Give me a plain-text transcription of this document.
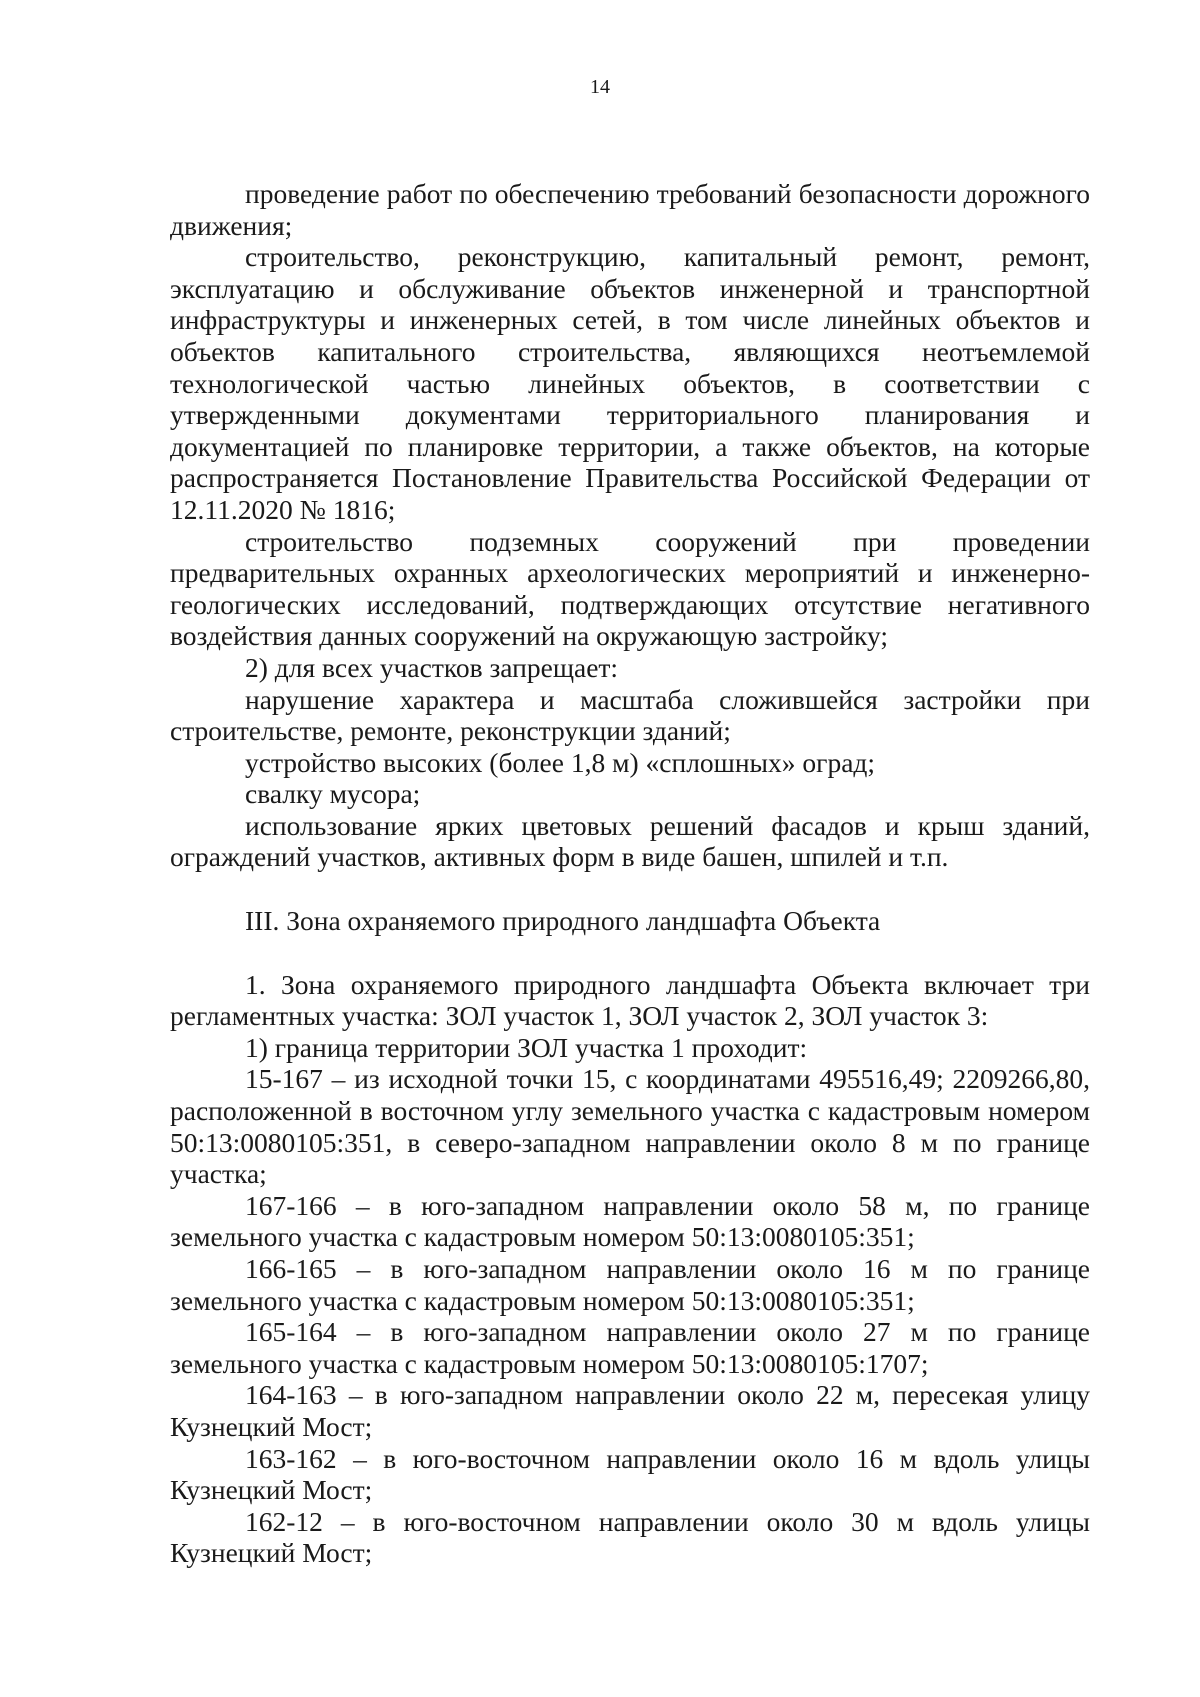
14

проведение работ по обеспечению требований безопасности дорожного движения;

строительство, реконструкцию, капитальный ремонт, ремонт, эксплуатацию и обслуживание объектов инженерной и транспортной инфраструктуры и инженерных сетей, в том числе линейных объектов и объектов капитального строительства, являющихся неотъемлемой технологической частью линейных объектов, в соответствии с утвержденными документами территориального планирования и документацией по планировке территории, а также объектов, на которые распространяется Постановление Правительства Российской Федерации от 12.11.2020 № 1816;

строительство подземных сооружений при проведении предварительных охранных археологических мероприятий и инженерно-геологических исследований, подтверждающих отсутствие негативного воздействия данных сооружений на окружающую застройку;

2) для всех участков запрещает:

нарушение характера и масштаба сложившейся застройки при строительстве, ремонте, реконструкции зданий;

устройство высоких (более 1,8 м) «сплошных» оград;

свалку мусора;

использование ярких цветовых решений фасадов и крыш зданий, ограждений участков, активных форм в виде башен, шпилей и т.п.

III. Зона охраняемого природного ландшафта Объекта

1. Зона охраняемого природного ландшафта Объекта включает три регламентных участка: ЗОЛ участок 1, ЗОЛ участок 2, ЗОЛ участок 3:

1) граница территории ЗОЛ участка 1 проходит:

15-167 – из исходной точки 15, с координатами 495516,49; 2209266,80, расположенной в восточном углу земельного участка с кадастровым номером 50:13:0080105:351, в северо-западном направлении около 8 м по границе участка;

167-166 – в юго-западном направлении около 58 м, по границе земельного участка с кадастровым номером 50:13:0080105:351;

166-165 – в юго-западном направлении около 16 м по границе земельного участка с кадастровым номером 50:13:0080105:351;

165-164 – в юго-западном направлении около 27 м по границе земельного участка с кадастровым номером 50:13:0080105:1707;

164-163 – в юго-западном направлении около 22 м, пересекая улицу Кузнецкий Мост;

163-162 – в юго-восточном направлении около 16 м вдоль улицы Кузнецкий Мост;

162-12 – в юго-восточном направлении около 30 м вдоль улицы Кузнецкий Мост;
